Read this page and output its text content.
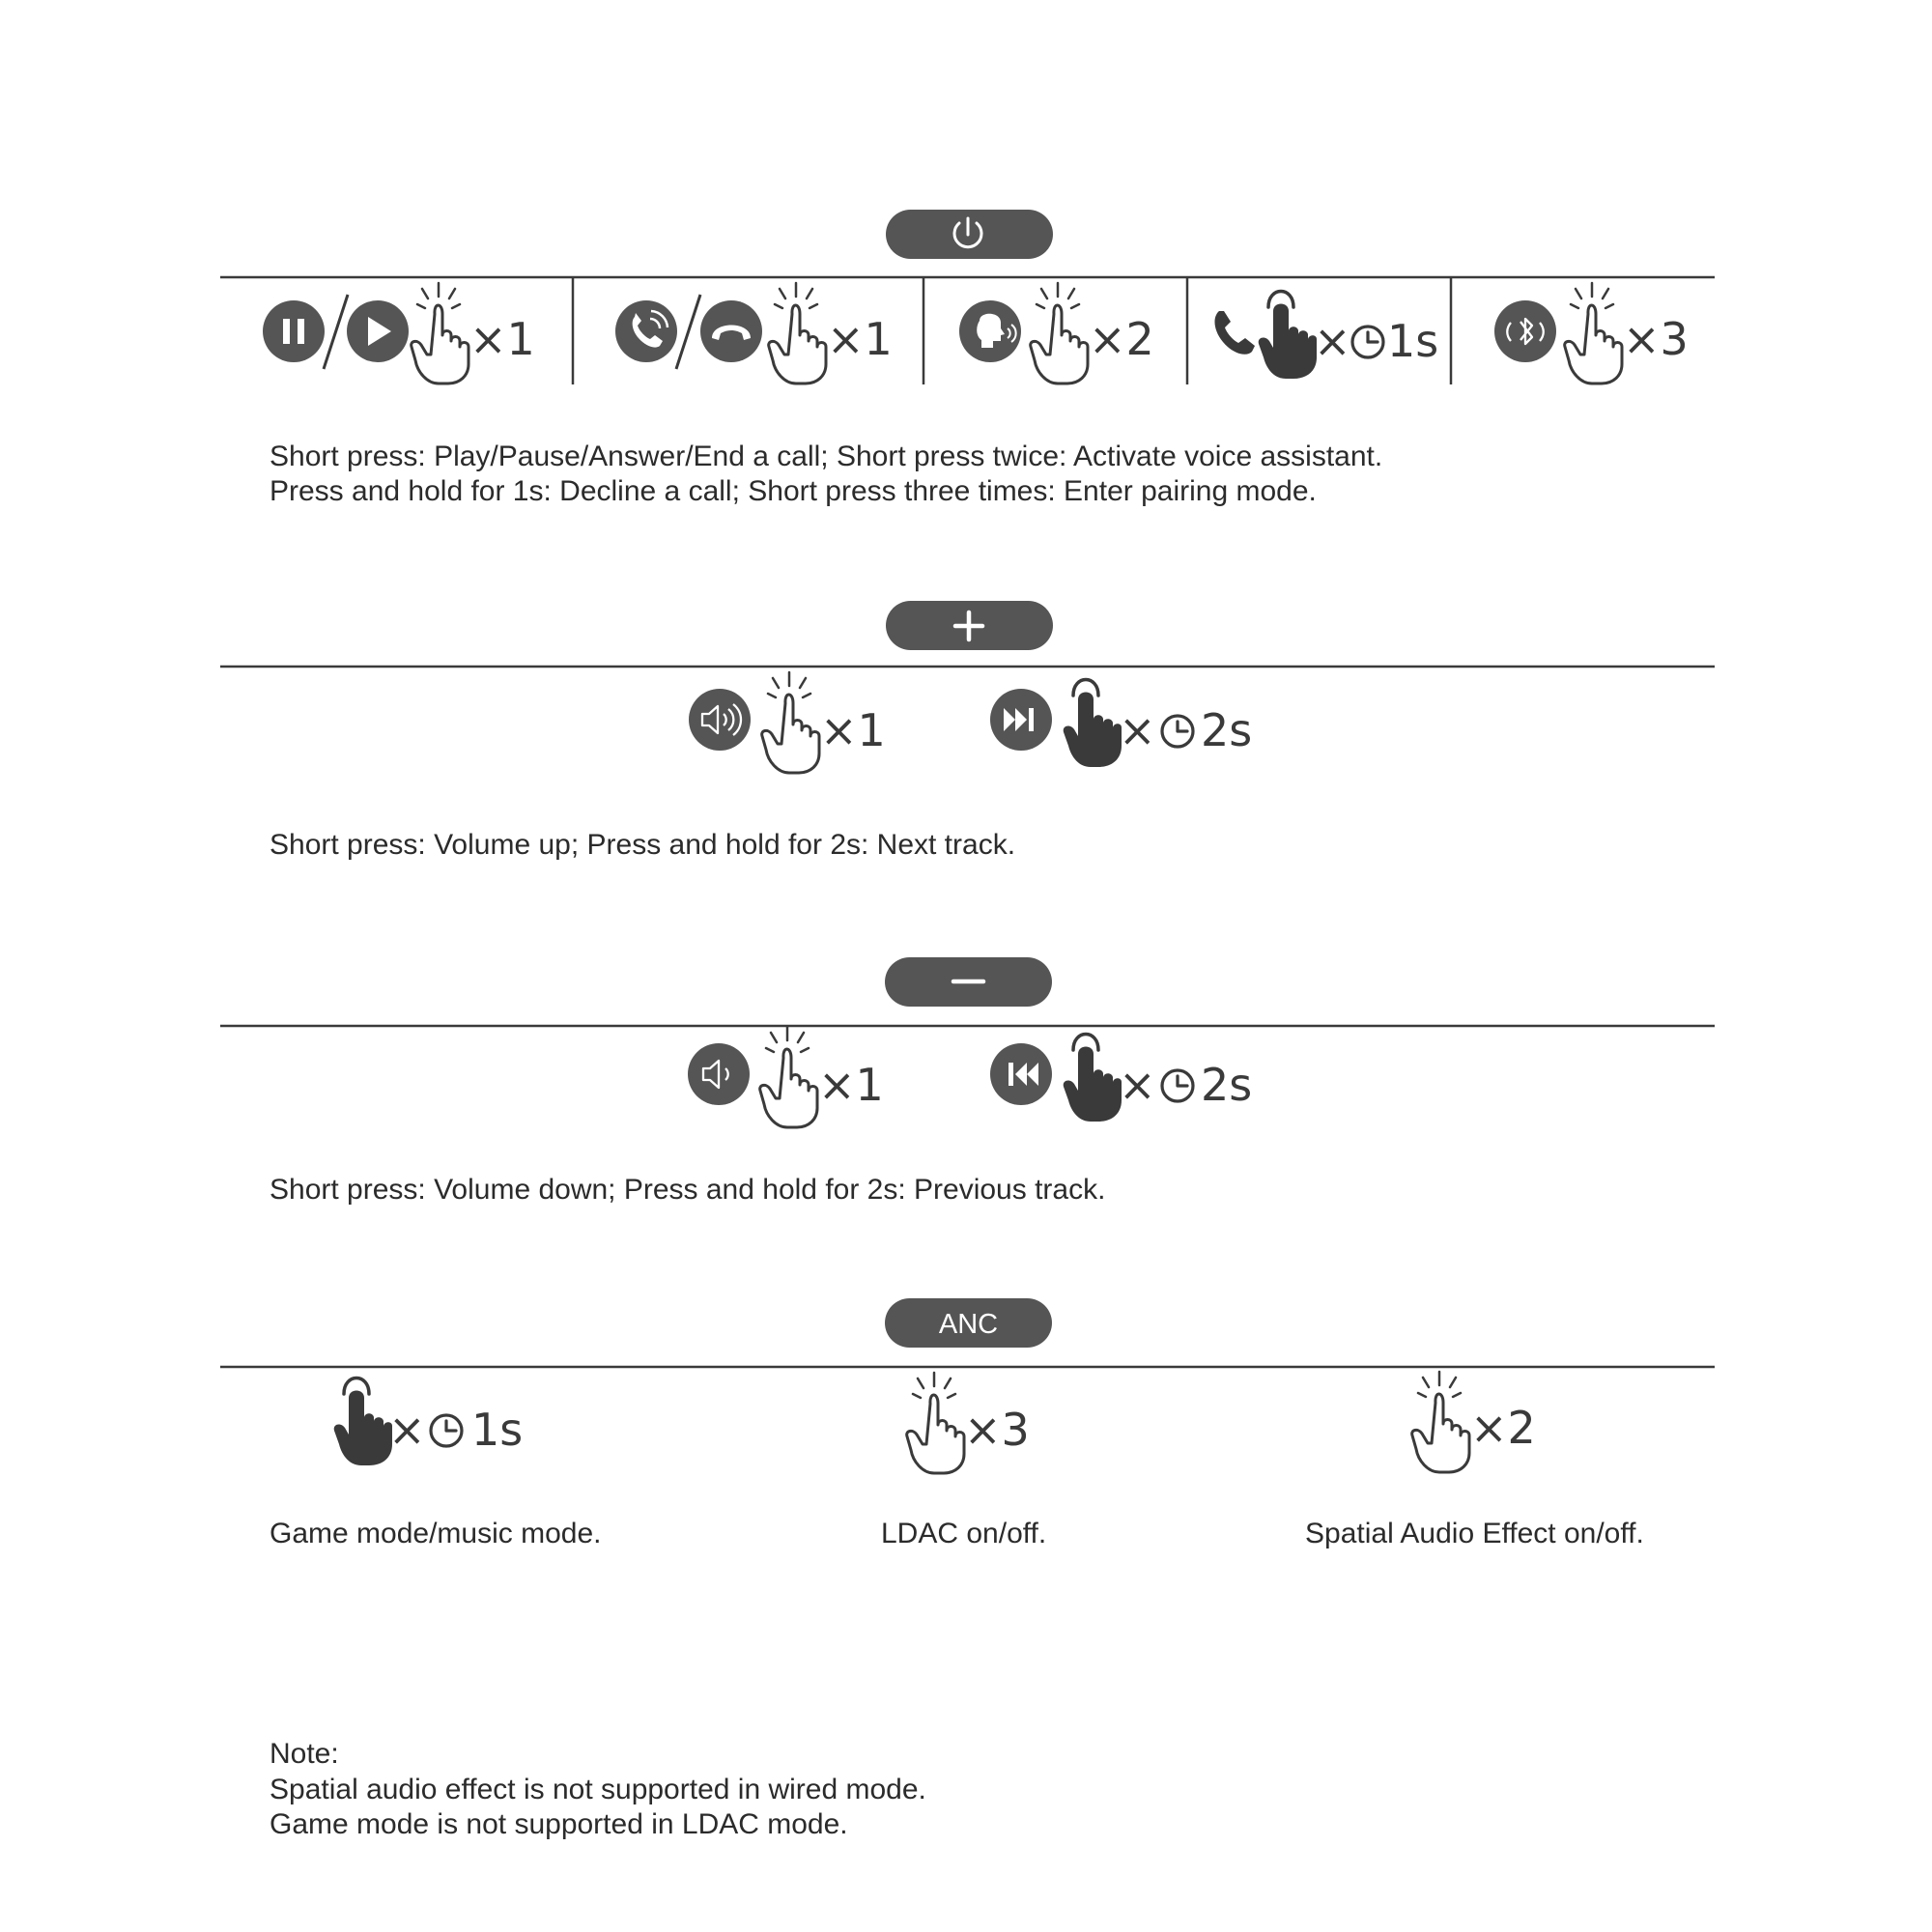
×1	×1	×2	× 1s	×3
×1	× 2s
×1	× 2s
ANC
× 1s	×3	×2
Short press: Play/Pause/Answer/End a call; Short press twice: Activate voice assistant.
Press and hold for 1s: Decline a call; Short press three times: Enter pairing mode.
Short press: Volume up; Press and hold for 2s: Next track.
Short press: Volume down; Press and hold for 2s: Previous track.
Game mode/music mode.	LDAC on/off.	Spatial Audio Effect on/off.
Note:
Spatial audio effect is not supported in wired mode.
Game mode is not supported in LDAC mode.
